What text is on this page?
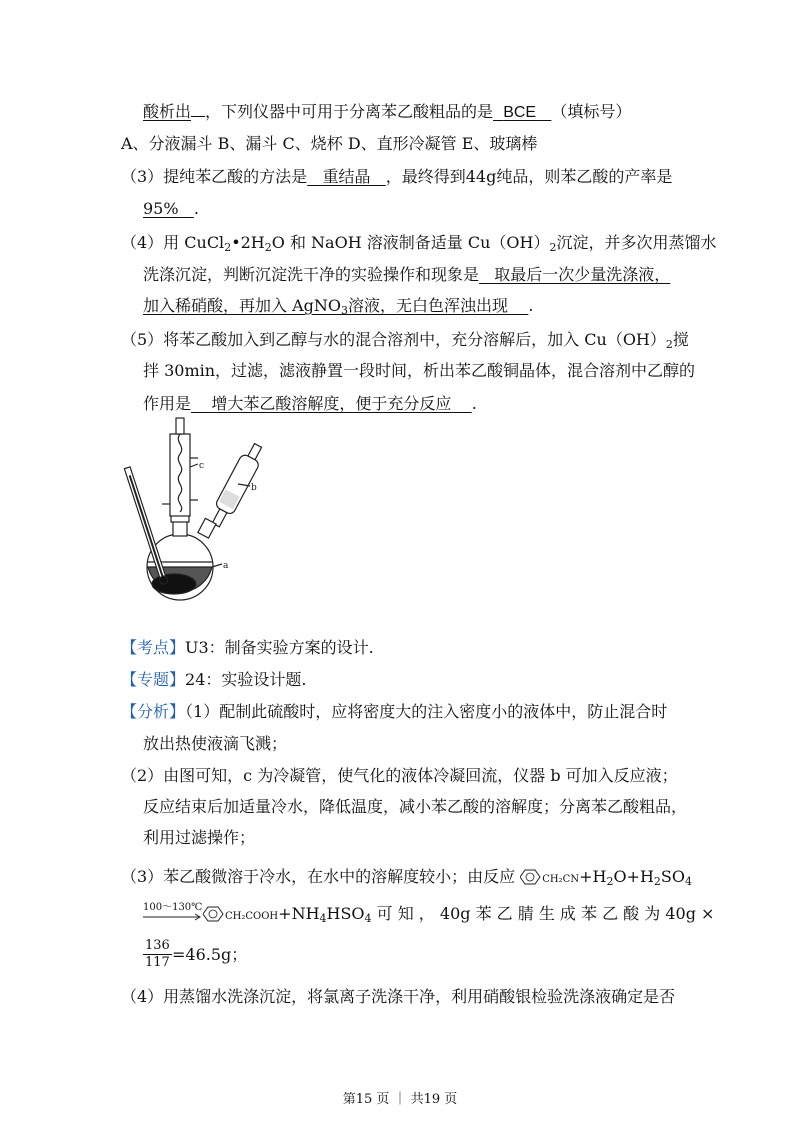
酸析出 ，下列仪器中可用于分离苯乙酸粗品的是 BCE （填标号）
A、分液漏斗 B、漏斗 C、烧杯 D、直形冷凝管 E、玻璃棒
（3）提纯苯乙酸的方法是 重结晶 ，最终得到44g纯品，则苯乙酸的产率是
95% .
（4）用 $CuCl_2•2H_2O$ 和 NaOH 溶液制备适量 $Cu(OH)_2$沉淀，并多次用蒸馏水
洗涤沉淀，判断沉淀洗干净的实验操作和现象是 取最后一次少量洗涤液，
加入稀硝酸，再加入 AgNO$_3$溶液，无白色浑浊出现 .
（5）将苯乙酸加入到乙醇与水的混合溶剂中，充分溶解后，加入 $Cu(OH)_2$搅
拌 30min，过滤，滤液静置一段时间，析出苯乙酸铜晶体，混合溶剂中乙醇的
作用是 增大苯乙酸溶解度，便于充分反应 .
c
b
a
【考点】U3：制备实验方案的设计.
【专题】24：实验设计题.
【分析】（1）配制此硫酸时，应将密度大的注入密度小的液体中，防止混合时
放出热使液滴飞溅；
（2）由图可知，c 为冷凝管，使气化的液体冷凝回流，仪器 b 可加入反应液；
反应结束后加适量冷水，降低温度，减小苯乙酸的溶解度；分离苯乙酸粗品，
利用过滤操作；
（3）苯乙酸微溶于冷水，在水中的溶解度较小；由反应	$CH_2CN+H_2O+H_2SO_4$
100～130℃
$CH_2COOH+NH_4HSO_4$ 可 知 ， 40g 苯 乙 腈 生 成 苯 乙 酸 为 40g ×
$\frac{136}{117} =46.5g$；
（4）用蒸馏水洗涤沉淀，将氯离子洗涤干净，利用硝酸银检验洗涤液确定是否
第15 页 ｜ 共19 页
